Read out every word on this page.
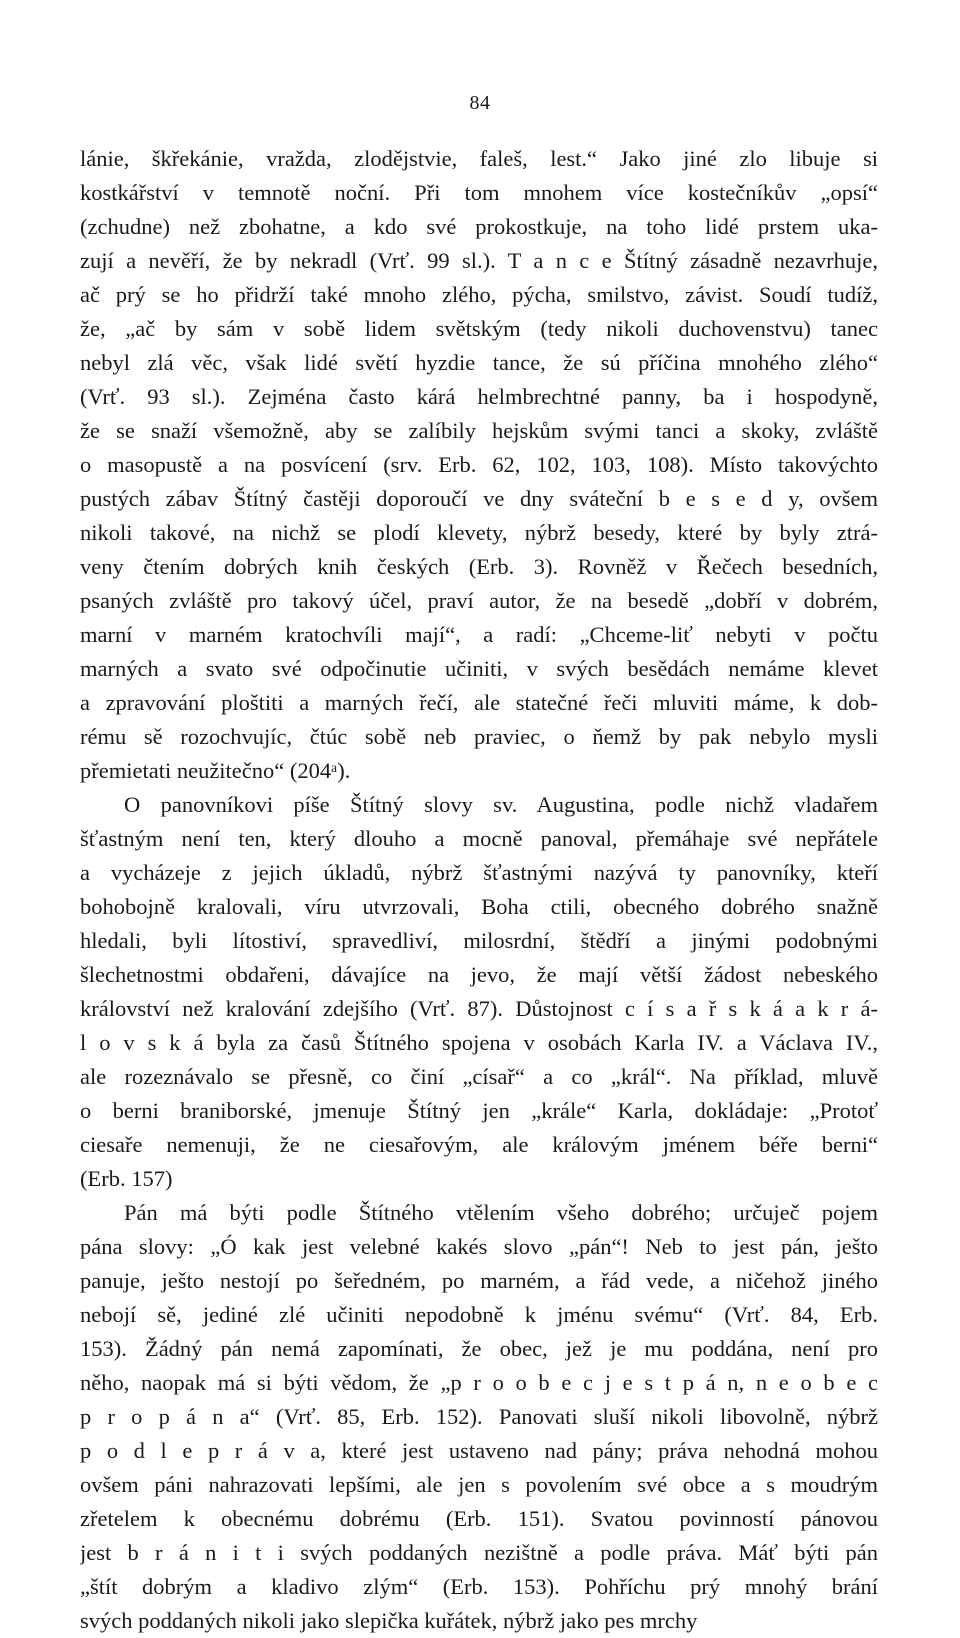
84
lánie, škřekánie, vražda, zlodějstvie, faleš, lest.“ Jako jiné zlo libuje si
kostkářství v temnotě noční. Při tom mnohem více kostečníkův „opsí“
(zchudne) než zbohatne, a kdo své prokostkuje, na toho lidé prstem uka-
zují a nevěří, že by nekradl (Vrť. 99 sl.). T a n c e Štítný zásadně nezavrhuje,
ač prý se ho přidrží také mnoho zlého, pýcha, smilstvo, závist. Soudí tudíž,
že, „ač by sám v sobě lidem světským (tedy nikoli duchovenstvu) tanec
nebyl zlá věc, však lidé světí hyzdie tance, že sú příčina mnohého zlého“
(Vrť. 93 sl.). Zejména často kárá helmbrechtné panny, ba i hospodyně,
že se snaží všemožně, aby se zalíbily hejskům svými tanci a skoky, zvláště
o masopustě a na posvícení (srv. Erb. 62, 102, 103, 108). Místo takovýchto
pustých zábav Štítný častěji doporoučí ve dny sváteční b e s e d y, ovšem
nikoli takové, na nichž se plodí klevety, nýbrž besedy, které by byly ztrá-
veny čtením dobrých knih českých (Erb. 3). Rovněž v Řečech besedních,
psaných zvláště pro takový účel, praví autor, že na besedě „dobří v dobrém,
marní v marném kratochvíli mají“, a radí: „Chceme-liť nebyti v počtu
marných a svato své odpočinutie učiniti, v svých besědách nemáme klevet
a zpravování ploštiti a marných řečí, ale statečné řeči mluviti máme, k dob-
rému sě rozochvujíc, čtúc sobě neb praviec, o ňemž by pak nebylo mysli
přemietati neužitečno“ (204ᵃ).
O panovníkovi píše Štítný slovy sv. Augustina, podle nichž vladařem
šťastným není ten, který dlouho a mocně panoval, přemáhaje své nepřátele
a vycházeje z jejich úkladů, nýbrž šťastnými nazývá ty panovníky, kteří
bohobojně kralovali, víru utvrzovali, Boha ctili, obecného dobrého snažně
hledali, byli lítostiví, spravedliví, milosrdní, štědří a jinými podobnými
šlechetnostmi obdařeni, dávajíce na jevo, že mají větší žádost nebeského
království než kralování zdejšího (Vrť. 87). Důstojnost c í s a ř s k á a k r á-
l o v s k á byla za časů Štítného spojena v osobách Karla IV. a Václava IV.,
ale rozeznávalo se přesně, co činí „císař“ a co „král“. Na příklad, mluvě
o berni braniborské, jmenuje Štítný jen „krále“ Karla, dokládaje: „Protoť
ciesaře nemenuji, že ne ciesařovým, ale královým jménem béře berni“
(Erb. 157)
Pán má býti podle Štítného vtělením všeho dobrého; určuječ pojem
pána slovy: „Ó kak jest velebné kakés slovo „pán“! Neb to jest pán, ješto
panuje, ješto nestojí po šeředném, po marném, a řád vede, a ničehož jiného
nebojí sě, jediné zlé učiniti nepodobně k jménu svému“ (Vrť. 84, Erb.
153). Žádný pán nemá zapomínati, že obec, jež je mu poddána, není pro
něho, naopak má si býti vědom, že „p r o o b e c j e s t p á n, n e o b e c
p r o p á n a“ (Vrť. 85, Erb. 152). Panovati sluší nikoli libovolně, nýbrž
p o d l e p r á v a, které jest ustaveno nad pány; práva nehodná mohou
ovšem páni nahrazovati lepšími, ale jen s povolením své obce a s moudrým
zřetelem k obecnému dobrému (Erb. 151). Svatou povinností pánovou
jest b r á n i t i svých poddaných nezištně a podle práva. Máť býti pán
„štít dobrým a kladivo zlým“ (Erb. 153). Pohříchu prý mnohý brání
svých poddaných nikoli jako slepička kuřátek, nýbrž jako pes mrchy
